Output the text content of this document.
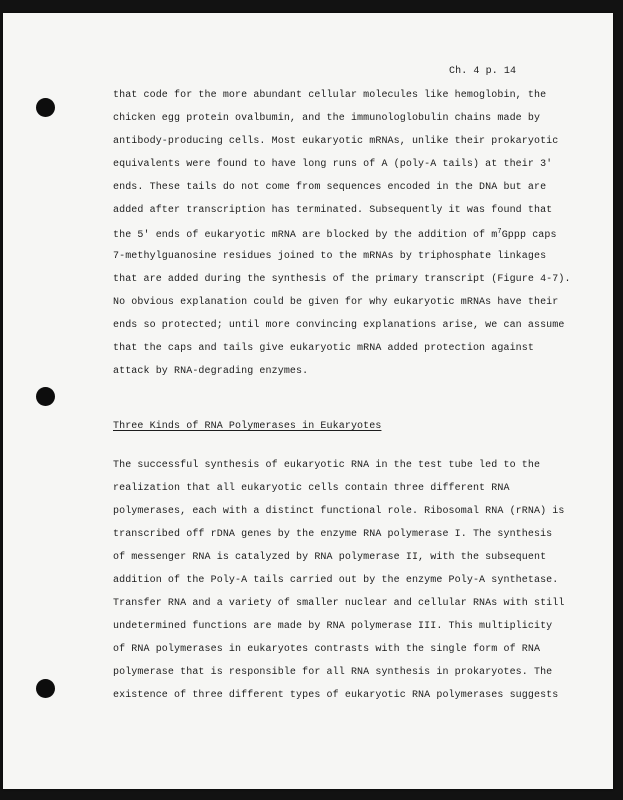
Ch. 4 p. 14
that code for the more abundant cellular molecules like hemoglobin, the
chicken egg protein ovalbumin, and the immunologlobulin chains made by
antibody-producing cells. Most eukaryotic mRNAs, unlike their prokaryotic
equivalents were found to have long runs of A (poly-A tails) at their 3'
ends. These tails do not come from sequences encoded in the DNA but are
added after transcription has terminated. Subsequently it was found that
the 5' ends of eukaryotic mRNA are blocked by the addition of $m^7Gppp$ caps
7-methylguanosine residues joined to the mRNAs by triphosphate linkages
that are added during the synthesis of the primary transcript (Figure 4-7).
No obvious explanation could be given for why eukaryotic mRNAs have their
ends so protected; until more convincing explanations arise, we can assume
that the caps and tails give eukaryotic mRNA added protection against
attack by RNA-degrading enzymes.
Three Kinds of RNA Polymerases in Eukaryotes
The successful synthesis of eukaryotic RNA in the test tube led to the
realization that all eukaryotic cells contain three different RNA
polymerases, each with a distinct functional role. Ribosomal RNA (rRNA) is
transcribed off rDNA genes by the enzyme RNA polymerase I. The synthesis
of messenger RNA is catalyzed by RNA polymerase II, with the subsequent
addition of the Poly-A tails carried out by the enzyme Poly-A synthetase.
Transfer RNA and a variety of smaller nuclear and cellular RNAs with still
undetermined functions are made by RNA polymerase III. This multiplicity
of RNA polymerases in eukaryotes contrasts with the single form of RNA
polymerase that is responsible for all RNA synthesis in prokaryotes. The
existence of three different types of eukaryotic RNA polymerases suggests
